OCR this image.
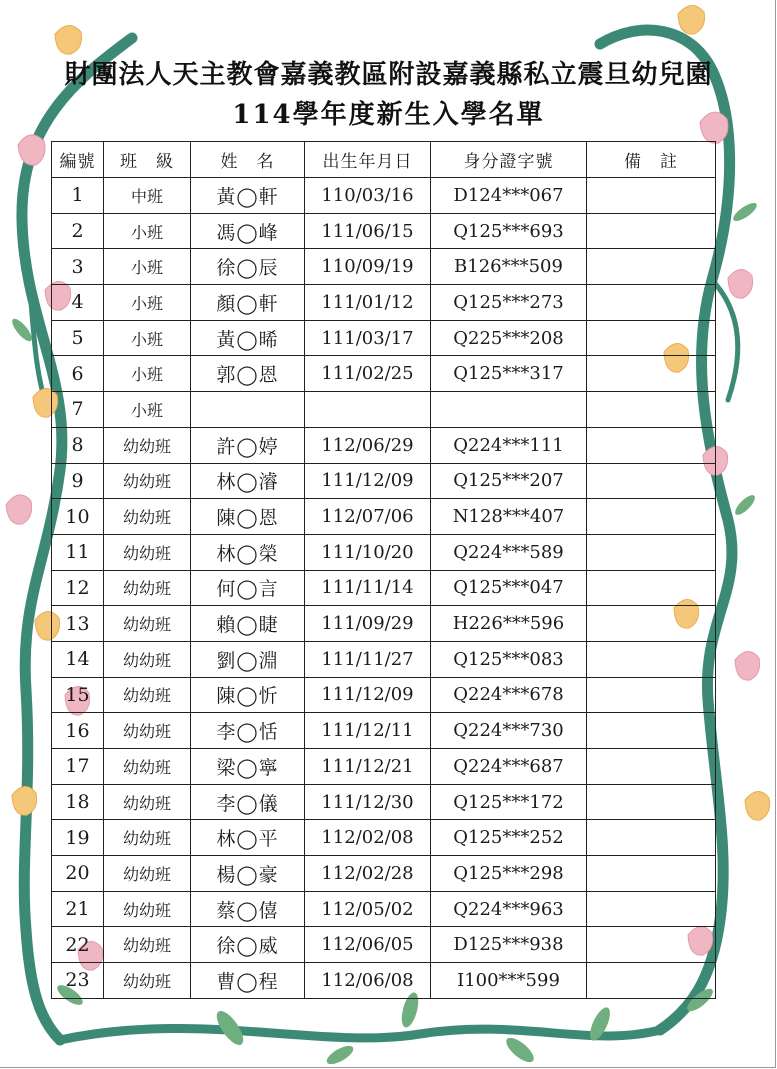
財團法人天主教會嘉義教區附設嘉義縣私立震旦幼兒園
114學年度新生入學名單
編號	班　級	姓　名	出生年月日	身分證字號	備　註
1	中班	黃◯軒	110/03/16	D124***067	
2	小班	馮◯峰	111/06/15	Q125***693	
3	小班	徐◯辰	110/09/19	B126***509	
4	小班	顏◯軒	111/01/12	Q125***273	
5	小班	黃◯晞	111/03/17	Q225***208	
6	小班	郭◯恩	111/02/25	Q125***317	
7	小班				
8	幼幼班	許◯婷	112/06/29	Q224***111	
9	幼幼班	林◯濬	111/12/09	Q125***207	
10	幼幼班	陳◯恩	112/07/06	N128***407	
11	幼幼班	林◯榮	111/10/20	Q224***589	
12	幼幼班	何◯言	111/11/14	Q125***047	
13	幼幼班	賴◯睫	111/09/29	H226***596	
14	幼幼班	劉◯淵	111/11/27	Q125***083	
15	幼幼班	陳◯忻	111/12/09	Q224***678	
16	幼幼班	李◯恬	111/12/11	Q224***730	
17	幼幼班	梁◯寧	111/12/21	Q224***687	
18	幼幼班	李◯儀	111/12/30	Q125***172	
19	幼幼班	林◯平	112/02/08	Q125***252	
20	幼幼班	楊◯豪	112/02/28	Q125***298	
21	幼幼班	蔡◯僖	112/05/02	Q224***963	
22	幼幼班	徐◯威	112/06/05	D125***938	
23	幼幼班	曹◯程	112/06/08	I100***599	
